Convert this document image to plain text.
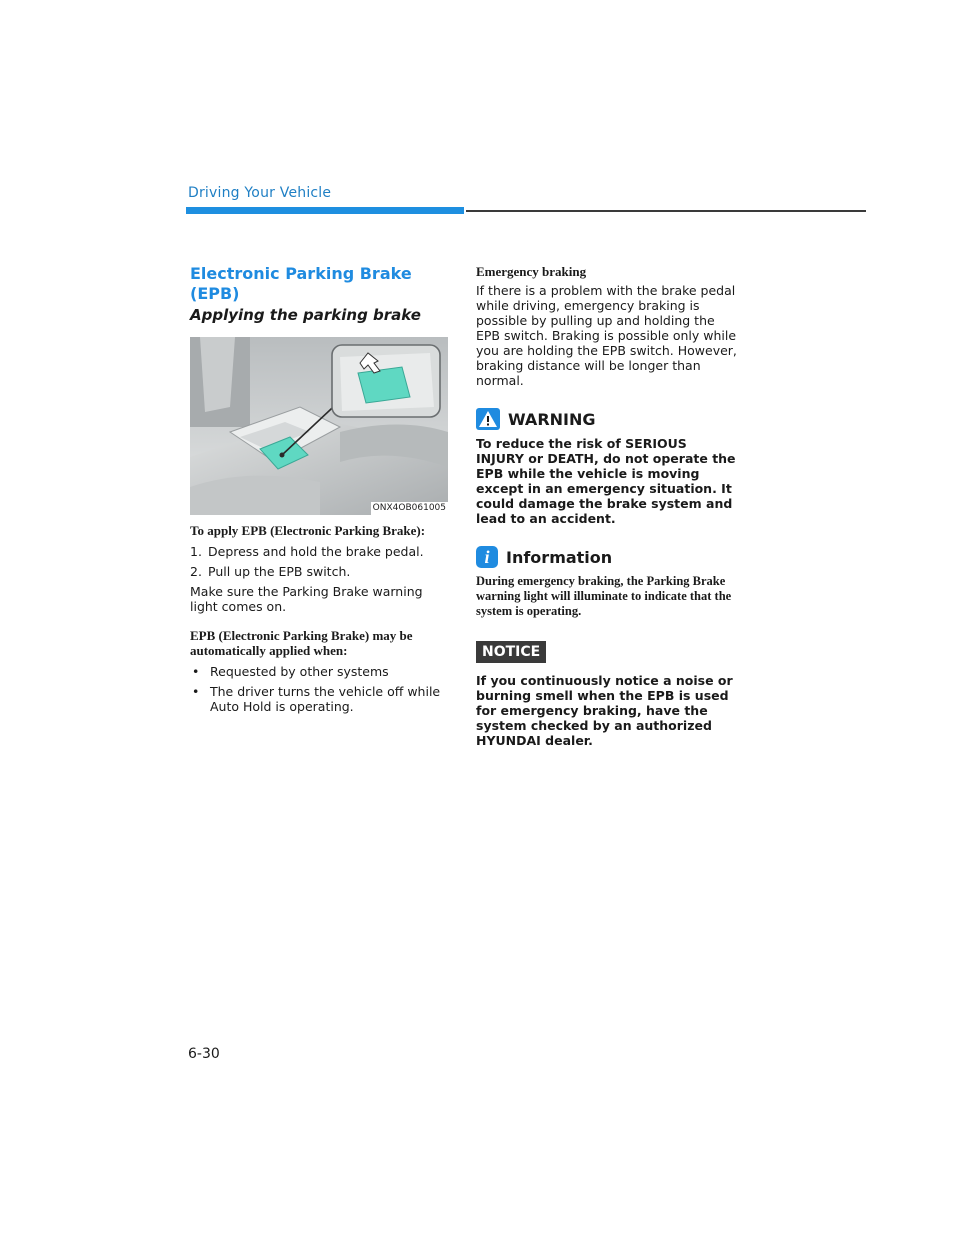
Driving Your Vehicle
Electronic Parking Brake (EPB)
Applying the parking brake
ONX4OB061005

To apply EPB (Electronic Parking Brake):

1. Depress and hold the brake pedal.
2. Pull up the EPB switch.

Make sure the Parking Brake warning light comes on.

EPB (Electronic Parking Brake) may be automatically applied when:

• Requested by other systems
• The driver turns the vehicle off while Auto Hold is operating.

Emergency braking

If there is a problem with the brake pedal while driving, emergency braking is possible by pulling up and holding the EPB switch. Braking is possible only while you are holding the EPB switch. However, braking distance will be longer than normal.

WARNING

To reduce the risk of SERIOUS INJURY or DEATH, do not operate the EPB while the vehicle is moving except in an emergency situation. It could damage the brake system and lead to an accident.

i	Information

During emergency braking, the Parking Brake warning light will illuminate to indicate that the system is operating.

NOTICE

If you continuously notice a noise or burning smell when the EPB is used for emergency braking, have the system checked by an authorized HYUNDAI dealer.

6-30
